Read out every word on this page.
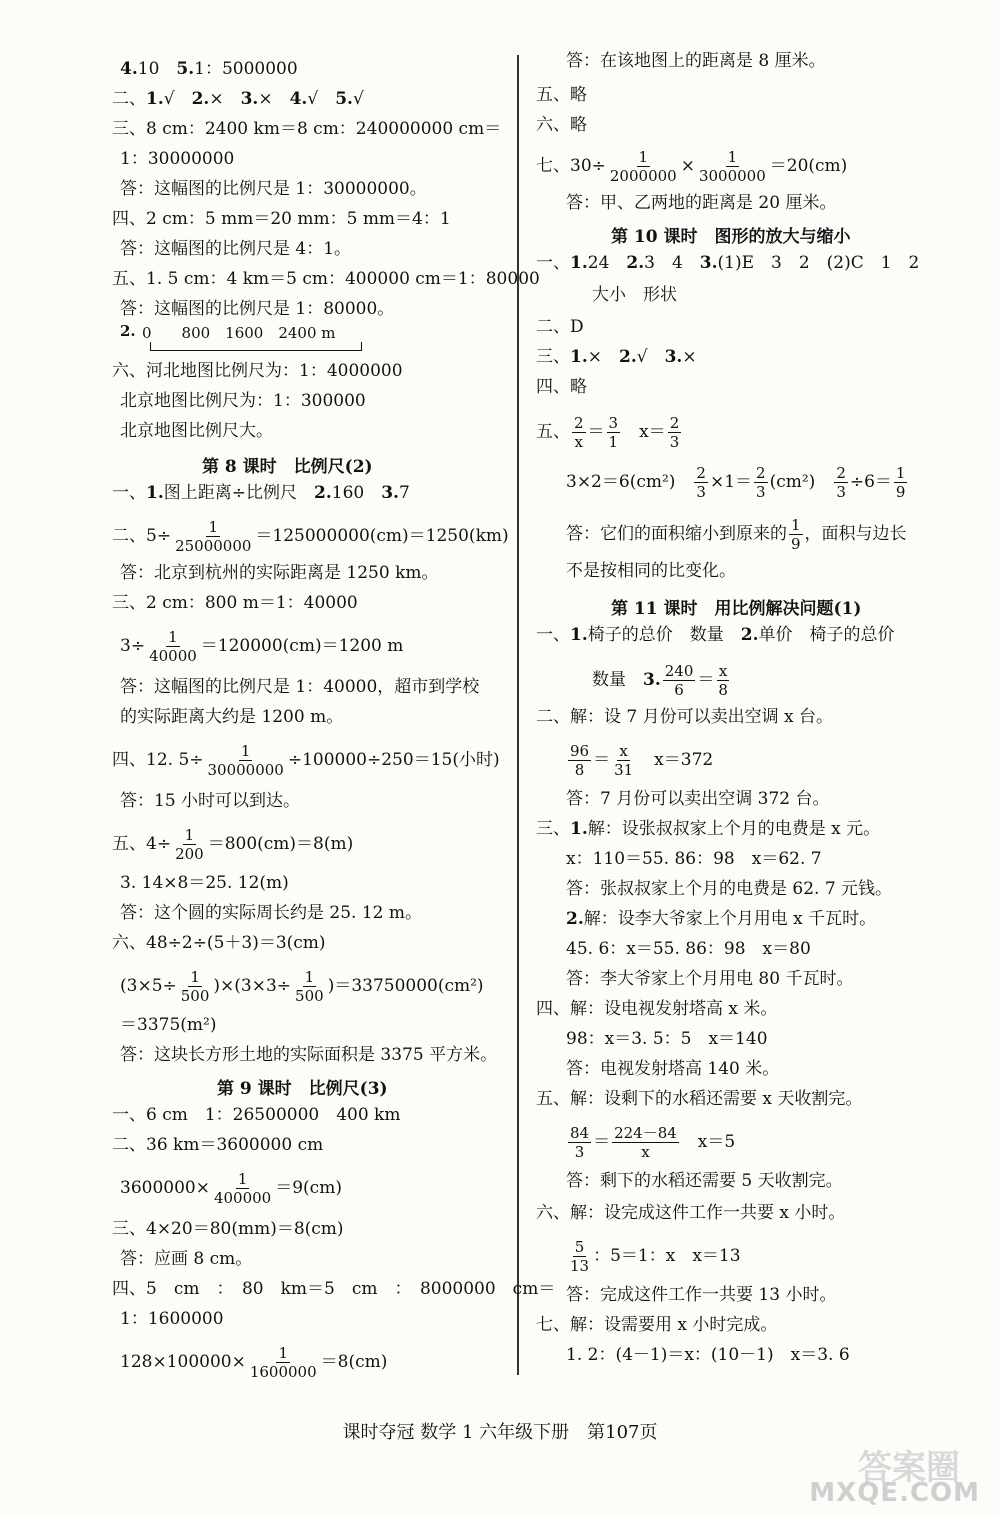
4.10　5.1：5000000
二、1.√　2.×　3.×　4.√　5.√
三、8 cm：2400 km＝8 cm：240000000 cm＝
1：30000000
答：这幅图的比例尺是 1：30000000。
四、2 cm：5 mm＝20 mm：5 mm＝4：1
答：这幅图的比例尺是 4：1。
五、1. 5 cm：4 km＝5 cm：400000 cm＝1：80000
答：这幅图的比例尺是 1：80000。
2. 0　　800　1600　2400 m
六、河北地图比例尺为：1：4000000
北京地图比例尺为：1：300000
北京地图比例尺大。
第 8 课时　比例尺(2)
一、1.图上距离÷比例尺　2.160　3.7
二、$5\div \frac{1}{25000000} =125000000(cm)=1250(km)$
答：北京到杭州的实际距离是 1250 km。
三、2 cm：800 m＝1：40000
$3\div \frac{1}{40000} =120000(cm)=1200$ m
答：这幅图的比例尺是 1：40000，超市到学校
的实际距离大约是 1200 m。
四、12. $5\div \frac{1}{30000000} \div 100000\div 250=15$(小时)
答：15 小时可以到达。
五、$4\div \frac{1}{200} =800(cm)=8(m)$
3. 14×8＝25. 12(m)
答：这个圆的实际周长约是 25. 12 m。
六、48÷2÷(5＋3)＝3(cm)
$(3\times 5\div \frac{1}{500} )\times(3\times 3\div \frac{1}{500} )=33750000(cm^2)$
＝3375(m²)
答：这块长方形土地的实际面积是 3375 平方米。
第 9 课时　比例尺(3)
一、6 cm　1：26500000　400 km
二、36 km＝3600000 cm
$3600000\times \frac{1}{400000} =9(cm)$
三、4×20＝80(mm)＝8(cm)
答：应画 8 cm。
四、5　cm　：　80　km＝5　cm　：　8000000　cm＝
1：1600000
$128\times 100000\times \frac{1}{1600000} =8(cm)$
答：在该地图上的距离是 8 厘米。
五、略
六、略
七、$30\div \frac{1}{2000000} \times \frac{1}{3000000} =20(cm)$
答：甲、乙两地的距离是 20 厘米。
第 10 课时　图形的放大与缩小
一、1.24　2.3　4　3.(1)E　3　2　(2)C　1　2
大小　形状
二、D
三、1.×　2.√　3.×
四、略
五、 $\frac{2}{x} = \frac{3}{1}$ 　$x= \frac{2}{3}$
3×2＝6(cm²)　 $\frac{2}{3} \times 1= \frac{2}{3} (cm^2)$　 $\frac{2}{3} \div 6= \frac{1}{9}$
答：它们的面积缩小到原来的 $\frac{1}{9}$ ，面积与边长
不是按相同的比变化。
第 11 课时　用比例解决问题(1)
一、1.椅子的总价　数量　2.单价　椅子的总价
数量　3. $\frac{240}{6} = \frac{x}{8}$
二、解：设 7 月份可以卖出空调 x 台。
$\frac{96}{8} = \frac{x}{31}$ 　x＝372
答：7 月份可以卖出空调 372 台。
三、1.解：设张叔叔家上个月的电费是 x 元。
x：110＝55. 86：98　x＝62. 7
答：张叔叔家上个月的电费是 62. 7 元钱。
2.解：设李大爷家上个月用电 x 千瓦时。
45. 6：x＝55. 86：98　x＝80
答：李大爷家上个月用电 80 千瓦时。
四、解：设电视发射塔高 x 米。
98：x＝3. 5：5　x＝140
答：电视发射塔高 140 米。
五、解：设剩下的水稻还需要 x 天收割完。
$\frac{84}{3} = \frac{224-84}{x}$ 　x＝5
答：剩下的水稻还需要 5 天收割完。
六、解：设完成这件工作一共要 x 小时。
$\frac{5}{13}$ ：5＝1：x　x＝13
答：完成这件工作一共要 13 小时。
七、解：设需要用 x 小时完成。
1. 2：(4－1)＝x：(10－1)　x＝3. 6
课时夺冠 数学 1 六年级下册　第107页
答案圈
MXQE.COM
